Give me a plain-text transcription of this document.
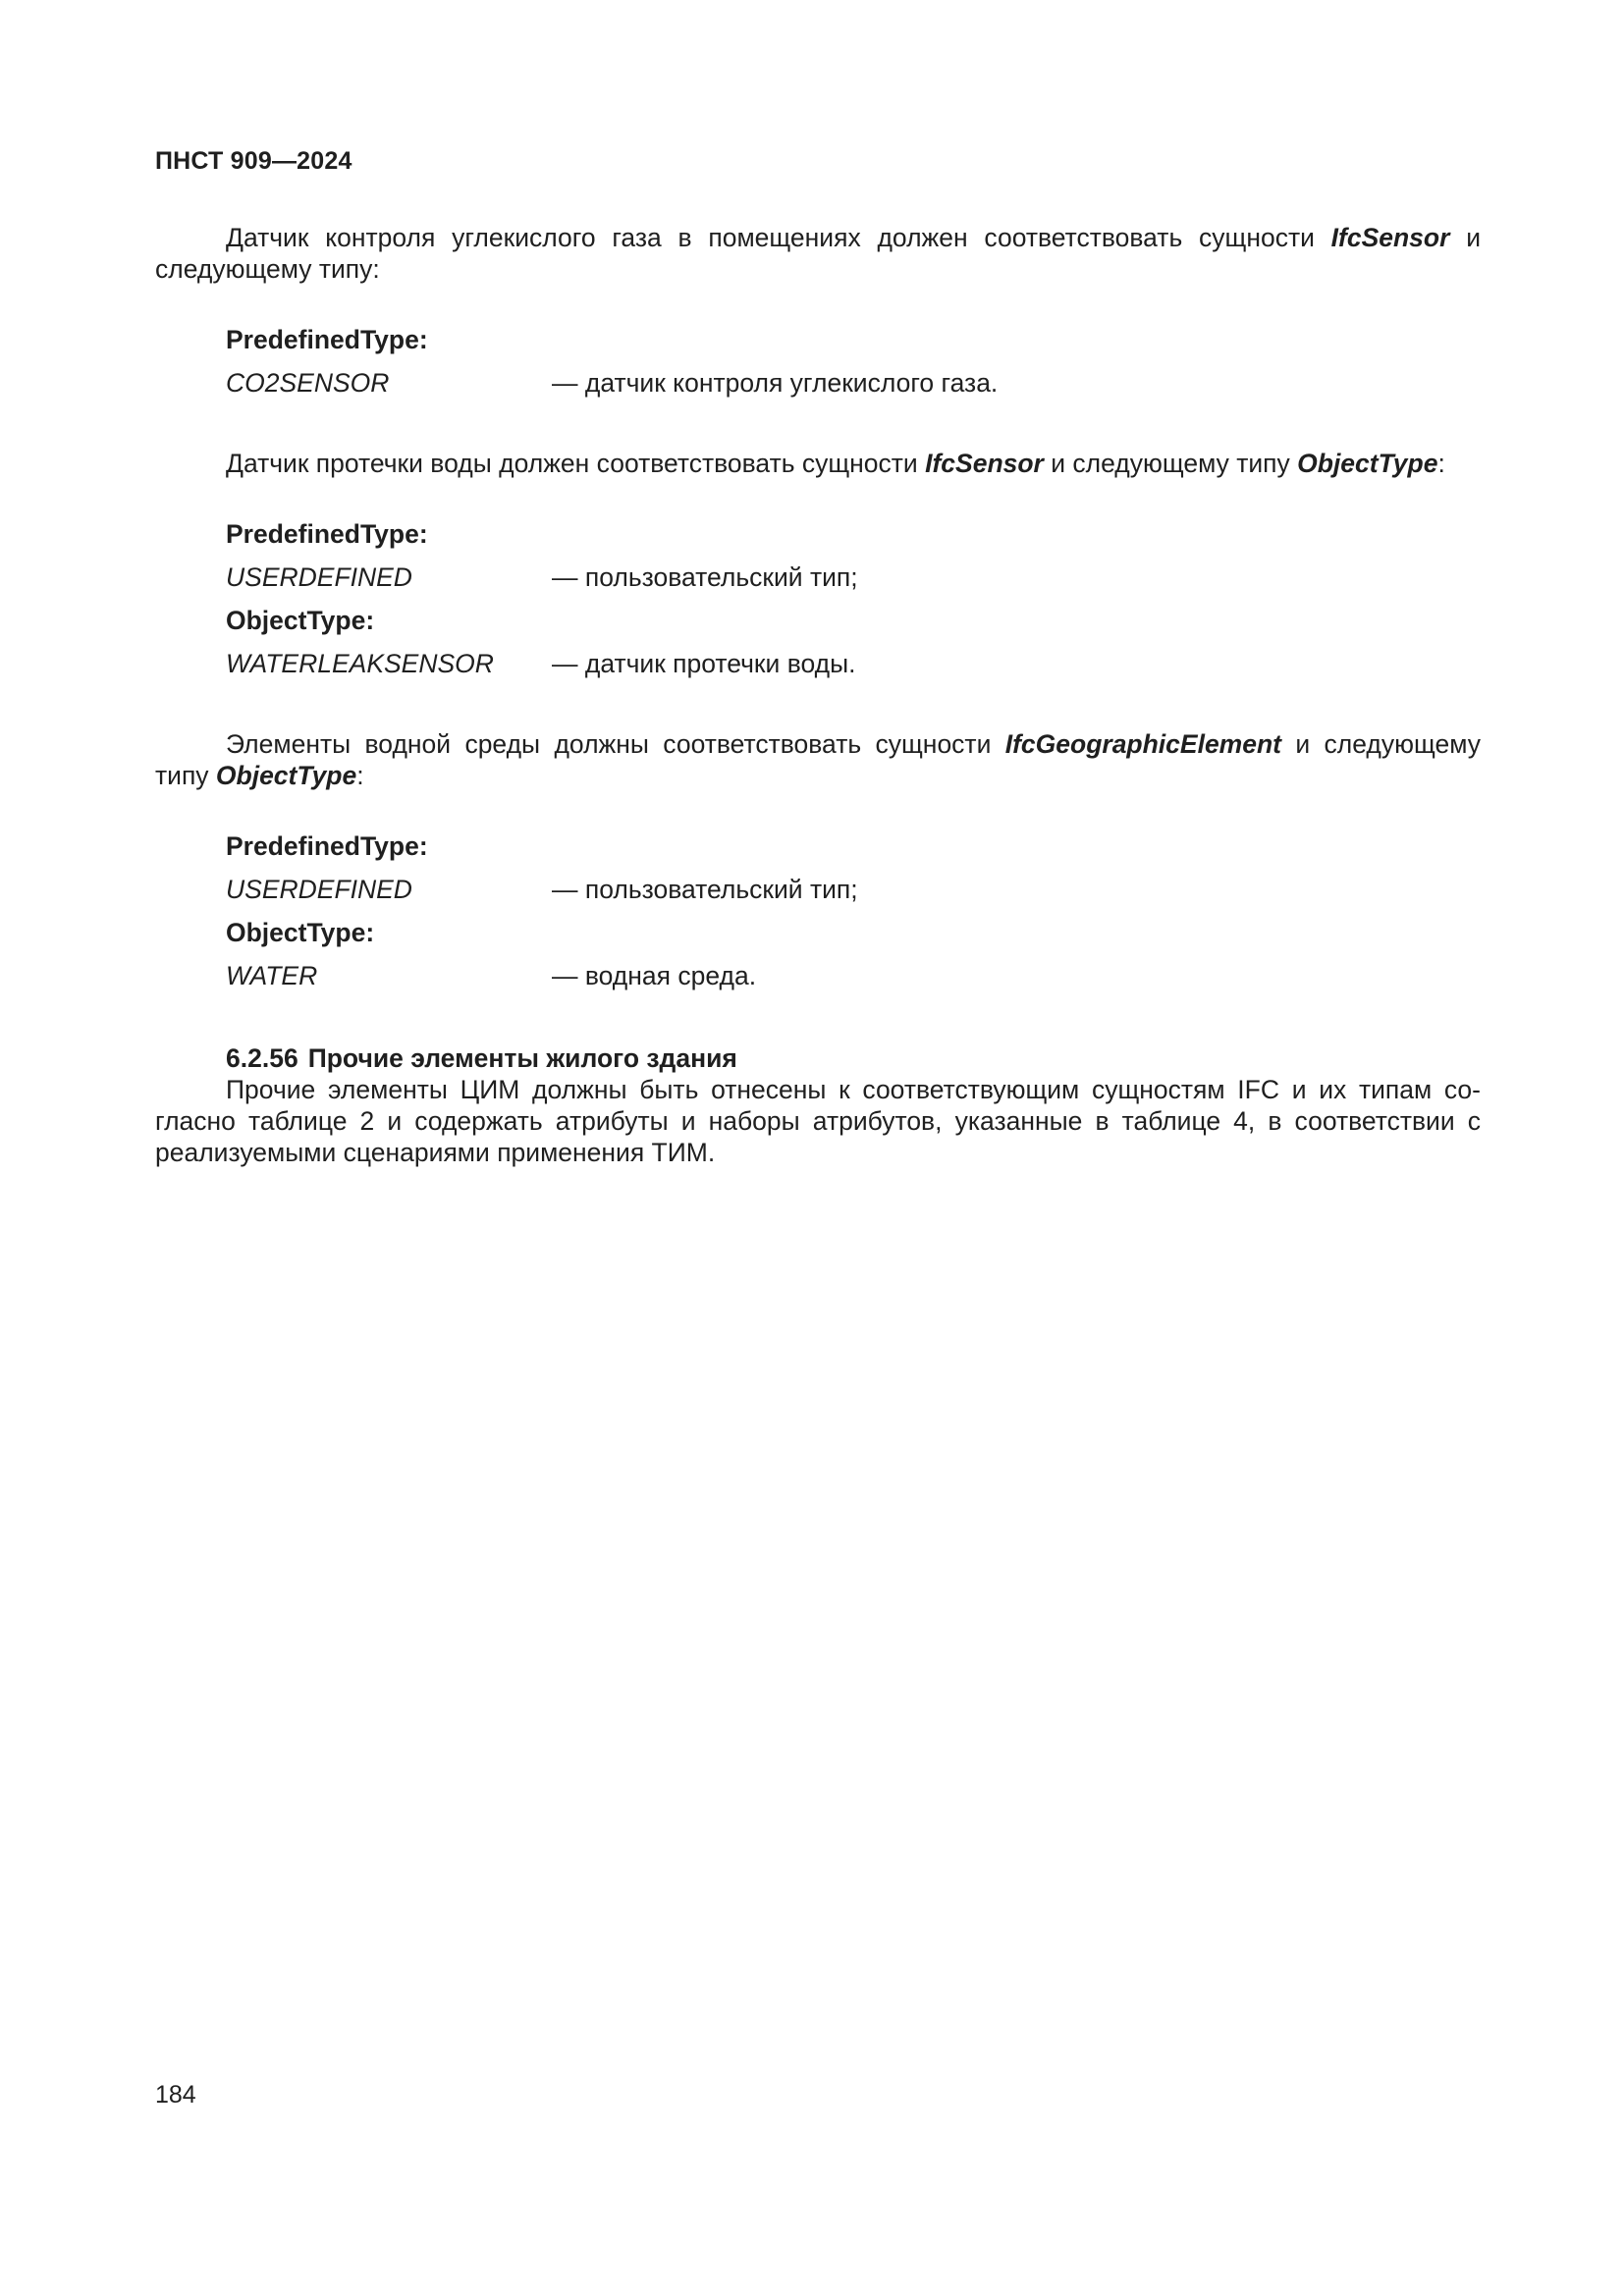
ПНСТ 909—2024

Датчик контроля углекислого газа в помещениях должен соответствовать сущности IfcSensor и следующему типу:

PredefinedType:
CO2SENSOR	— датчик контроля углекислого газа.

Датчик протечки воды должен соответствовать сущности IfcSensor и следующему типу ObjectType:

PredefinedType:
USERDEFINED	— пользовательский тип;
ObjectType:
WATERLEAKSENSOR	— датчик протечки воды.

Элементы водной среды должны соответствовать сущности IfcGeographicElement и следующему типу ObjectType:

PredefinedType:
USERDEFINED	— пользовательский тип;
ObjectType:
WATER	— водная среда.
6.2.56 Прочие элементы жилого здания

Прочие элементы ЦИМ должны быть отнесены к соответствующим сущностям IFC и их типам согласно таблице 2 и содержать атрибуты и наборы атрибутов, указанные в таблице 4, в соответствии с реализуемыми сценариями применения ТИМ.

184
